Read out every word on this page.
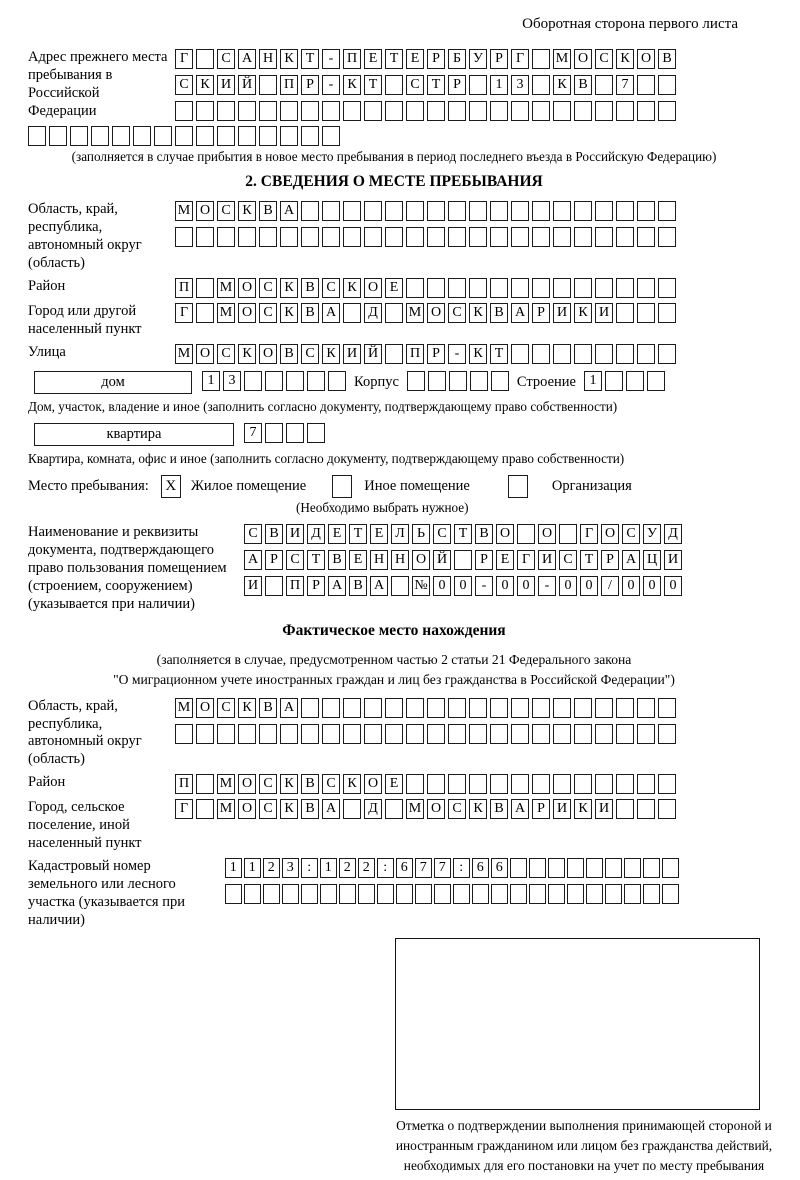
Оборотная сторона первого листа
Адрес прежнего места пребывания в Российской Федерации
Г	С А Н К Т	- П Е Т Е Р Б У Р Г	М О С К О В
С К И Й П Р	-	К Т	С Т Р	1	3	К В	7
(заполняется в случае прибытия в новое место пребывания в период последнего въезда в Российскую Федерацию)
2. СВЕДЕНИЯ О МЕСТЕ ПРЕБЫВАНИЯ
Область, край, республика, автономный округ (область)
М О С К В А
Район	П М О С К В С К О Е
Город или другой населенный пункт
Г	М О С К В А	Д	М О С К В А Р И К И
Улица	М О С К О В С К И Й П Р	-	К Т
дом	1	3	Корпус	Строение 1
Дом, участок, владение и иное (заполнить согласно документу, подтверждающему право собственности)
квартира	7
Квартира, комната, офис и иное (заполнить согласно документу, подтверждающему право собственности)
Место пребывания:	X	Жилое помещение	Иное помещение	Организация
(Необходимо выбрать нужное)
Наименование и реквизиты документа, подтверждающего право пользования помещением (строением, сооружением) (указывается при наличии)
С В И Д Е Т Е Л Ь С Т В О О	Г О С У Д
А Р С Т В Е Н Н О Й	Р Е Г И С Т Р А Ц И
И П Р А В А № 0	0	-	0	0	-	0	0	/	0	0	0
Фактическое место нахождения
(заполняется в случае, предусмотренном частью 2 статьи 21 Федерального закона
"О миграционном учете иностранных граждан и лиц без гражданства в Российской Федерации")
Область, край, республика, автономный округ (область)
М О С К В А
Район	П М О С К В С К О Е
Город, сельское поселение, иной населенный пункт
Г	М О С К В А	Д	М О С К В А Р И К И
Кадастровый номер земельного или лесного участка (указывается при наличии)
1 1 2 3 : 1 2 2 : 6 7 7 : 6 6
Отметка о подтверждении выполнения принимающей стороной и иностранным гражданином или лицом без гражданства действий, необходимых для его постановки на учет по месту пребывания
